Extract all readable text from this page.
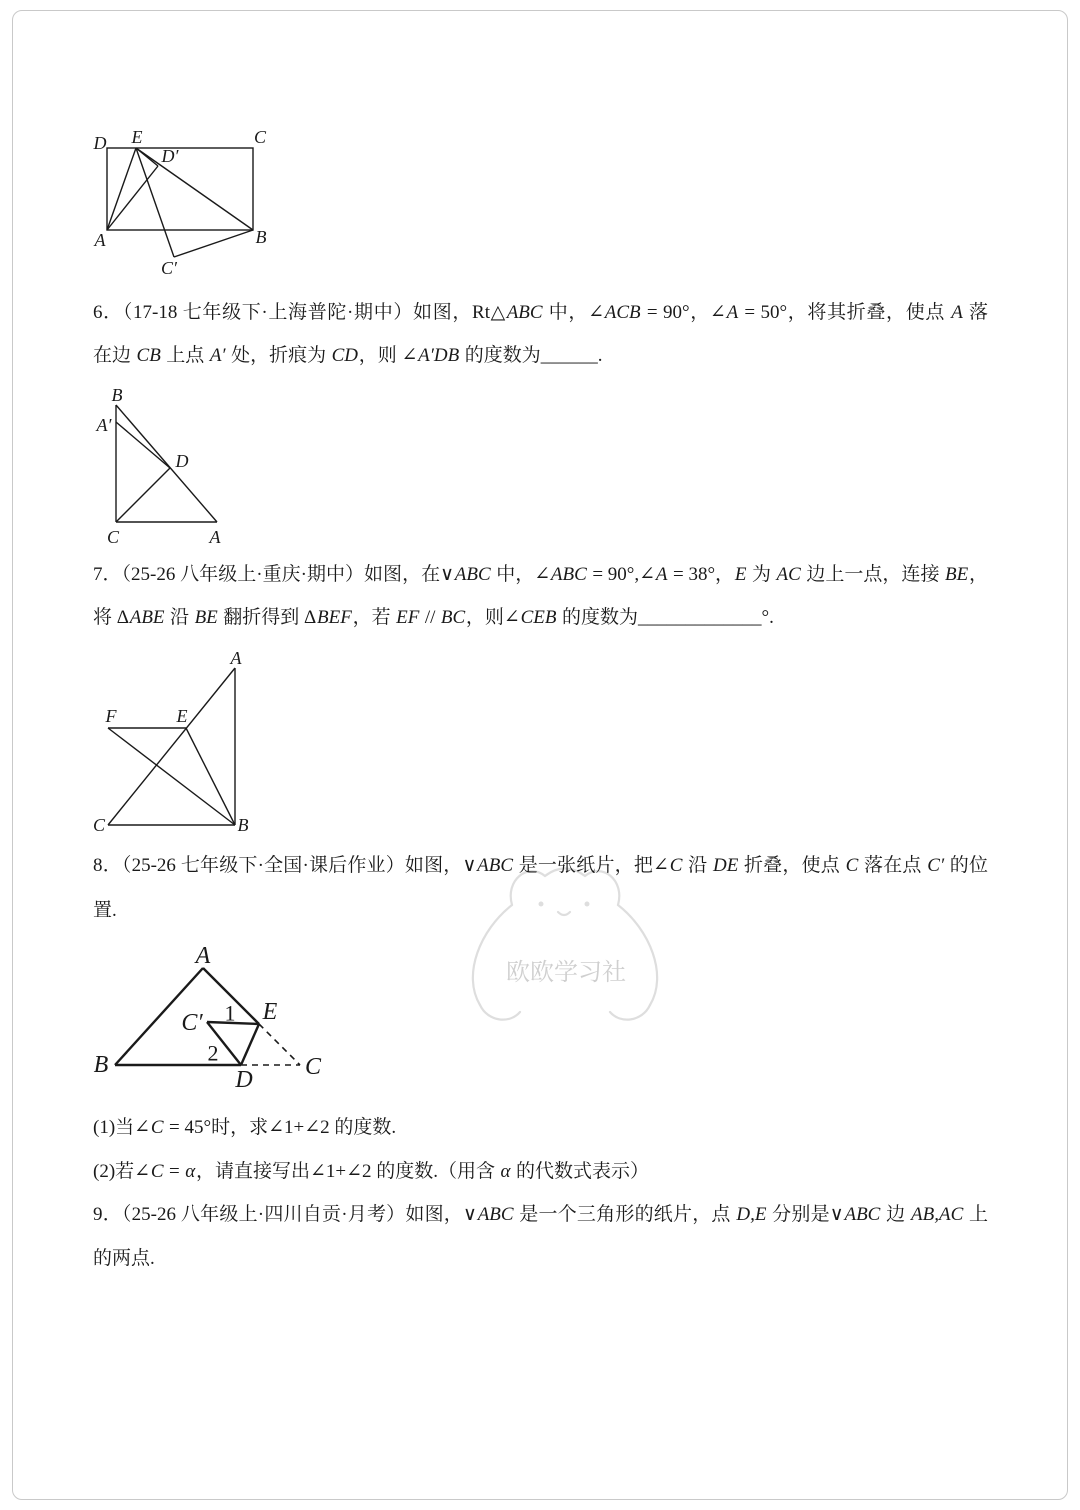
欧欧学习社
D E	C
D′
A	B
C′
B
A′
D
C	A
A
F	E
C	B
A
B
C′ 1 E
2
D C
6．（17-18 七年级下·上海普陀·期中）如图，Rt△ABC 中，∠ACB = 90°，∠A = 50°，将其折叠，使点 A 落
在边 CB 上点 A′ 处，折痕为 CD，则 ∠A′DB 的度数为______.
7．（25-26 八年级上·重庆·期中）如图，在∨ABC 中，∠ABC = 90°,∠A = 38°，E 为 AC 边上一点，连接 BE，
将 ΔABE 沿 BE 翻折得到 ΔBEF，若 EF // BC，则∠CEB 的度数为_____________°.
8．（25-26 七年级下·全国·课后作业）如图，∨ABC 是一张纸片，把∠C 沿 DE 折叠，使点 C 落在点 C′ 的位
置.
(1)当∠C = 45°时，求∠1+∠2 的度数.
(2)若∠C = α，请直接写出∠1+∠2 的度数.（用含 α 的代数式表示）
9．（25-26 八年级上·四川自贡·月考）如图，∨ABC 是一个三角形的纸片，点 D,E 分别是∨ABC 边 AB,AC 上
的两点.
